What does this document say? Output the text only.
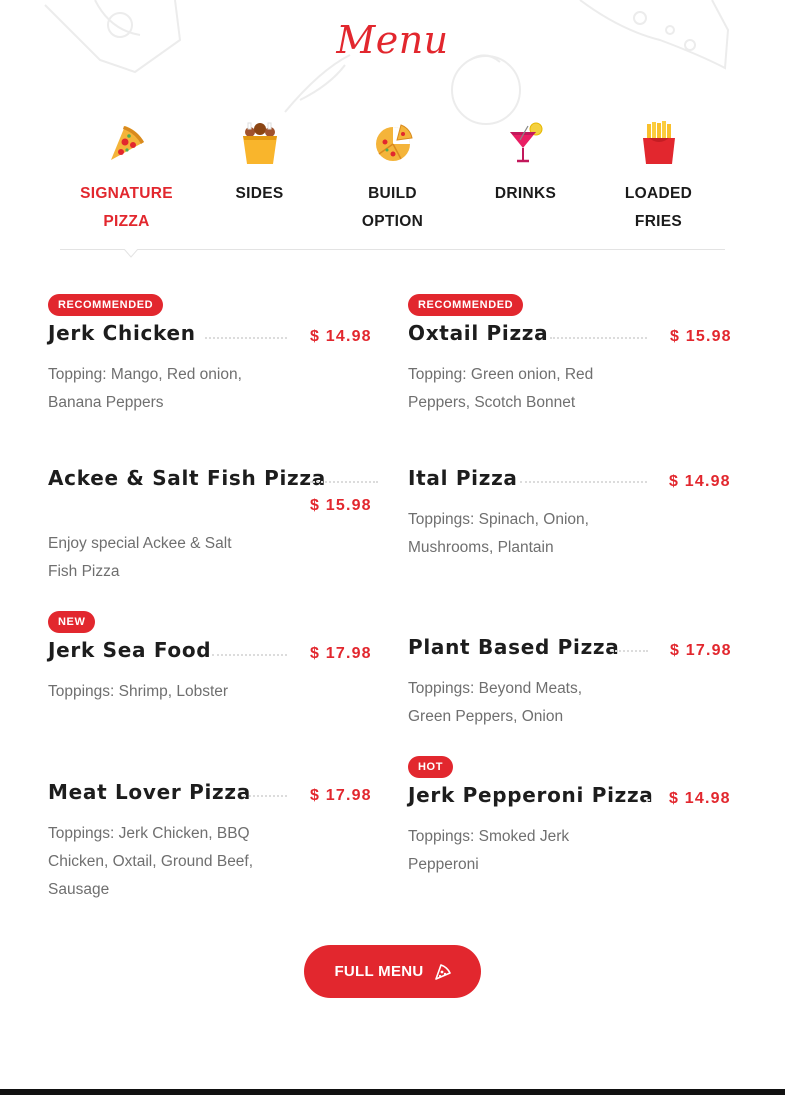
Menu
SIGNATURE PIZZA
SIDES	BUILD OPTION
DRINKS	LOADED FRIES
RECOMMENDED
Jerk Chicken	$ 14.98
Topping: Mango, Red onion, Banana Peppers
RECOMMENDED
Oxtail Pizza	$ 15.98
Topping: Green onion, Red Peppers, Scotch Bonnet
Ackee & Salt Fish Pizza
$ 15.98
Enjoy special Ackee & Salt Fish Pizza
Ital Pizza	$ 14.98
Toppings: Spinach, Onion, Mushrooms, Plantain
NEW
Jerk Sea Food	$ 17.98
Toppings: Shrimp, Lobster
Plant Based Pizza	$ 17.98
Toppings: Beyond Meats, Green Peppers, Onion
Meat Lover Pizza	$ 17.98
Toppings: Jerk Chicken, BBQ Chicken, Oxtail, Ground Beef, Sausage
HOT
Jerk Pepperoni Pizza $ 14.98
Toppings: Smoked Jerk Pepperoni
FULL MENU
